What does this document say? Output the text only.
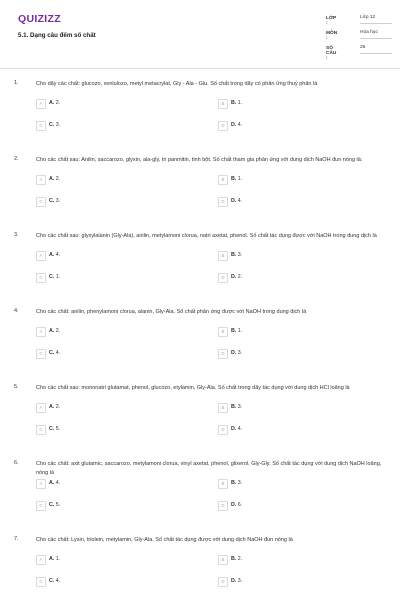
QUIZIZZ
5.1. Dạng câu đếm số chất
LỚP :
Lớp 12
MÔN :
Hóa học
SỐ CÂU :
25
1.	Cho dãy các chất: glucozo, xenlulozo, metyl metacrylat, Gly - Ala - Glu. Số chất trong dãy có phản ứng thuỷ phân là
A	A. 2.	B	B. 1.
C	C. 3.	D	D. 4.
2.	Cho các chất sau: Anilin, saccarozo, glyxin, ala-gly, tri panmitin, tinh bột. Số chất tham gia phản ứng với dung dịch NaOH đun nóng là:
A	A. 2.	B	B. 1.
C	C. 3.	D	D. 4.
3.	Cho các chất sau: glyxylalanin (Gly-Ala), anilin, metylamoni clorua, natri axetat, phenol. Số chất tác dụng được với NaOH trong dung dịch là
A	A. 4.	B	B. 3.
C	C. 1.	D	D. 2.
4.	Cho các chất: anilin, phenylamoni clorua, alanin, Gly-Ala. Số chất phản ứng được với NaOH trong dung dịch là
A	A. 2.	B	B. 1.
C	C. 4.	D	D. 3.
5.	Cho các chất sau: mononatri glutamat, phenol, glucozo, etylamin, Gly-Ala. Số chất trong dãy tác dụng với dung dịch HCl loãng là
A	A. 2.	B	B. 3.
C	C. 5.	D	D. 4.
6.	Cho các chất: axit glutamic, saccarozo, metylamoni clorua, vinyl axetat, phenol, glixerol, Gly-Gly. Số chất tác dụng với dung dịch NaOH loãng, nóng là
A	A. 4.	B	B. 3.
C	C. 5.	D	D. 6.
7.	Cho các chất: Lysin, triolein, metylamin, Gly-Ala. Số chất tác dụng được với dung dịch NaOH đun nóng là
A	A. 1.	B	B. 2.
C	C. 4.	D	D. 3.
